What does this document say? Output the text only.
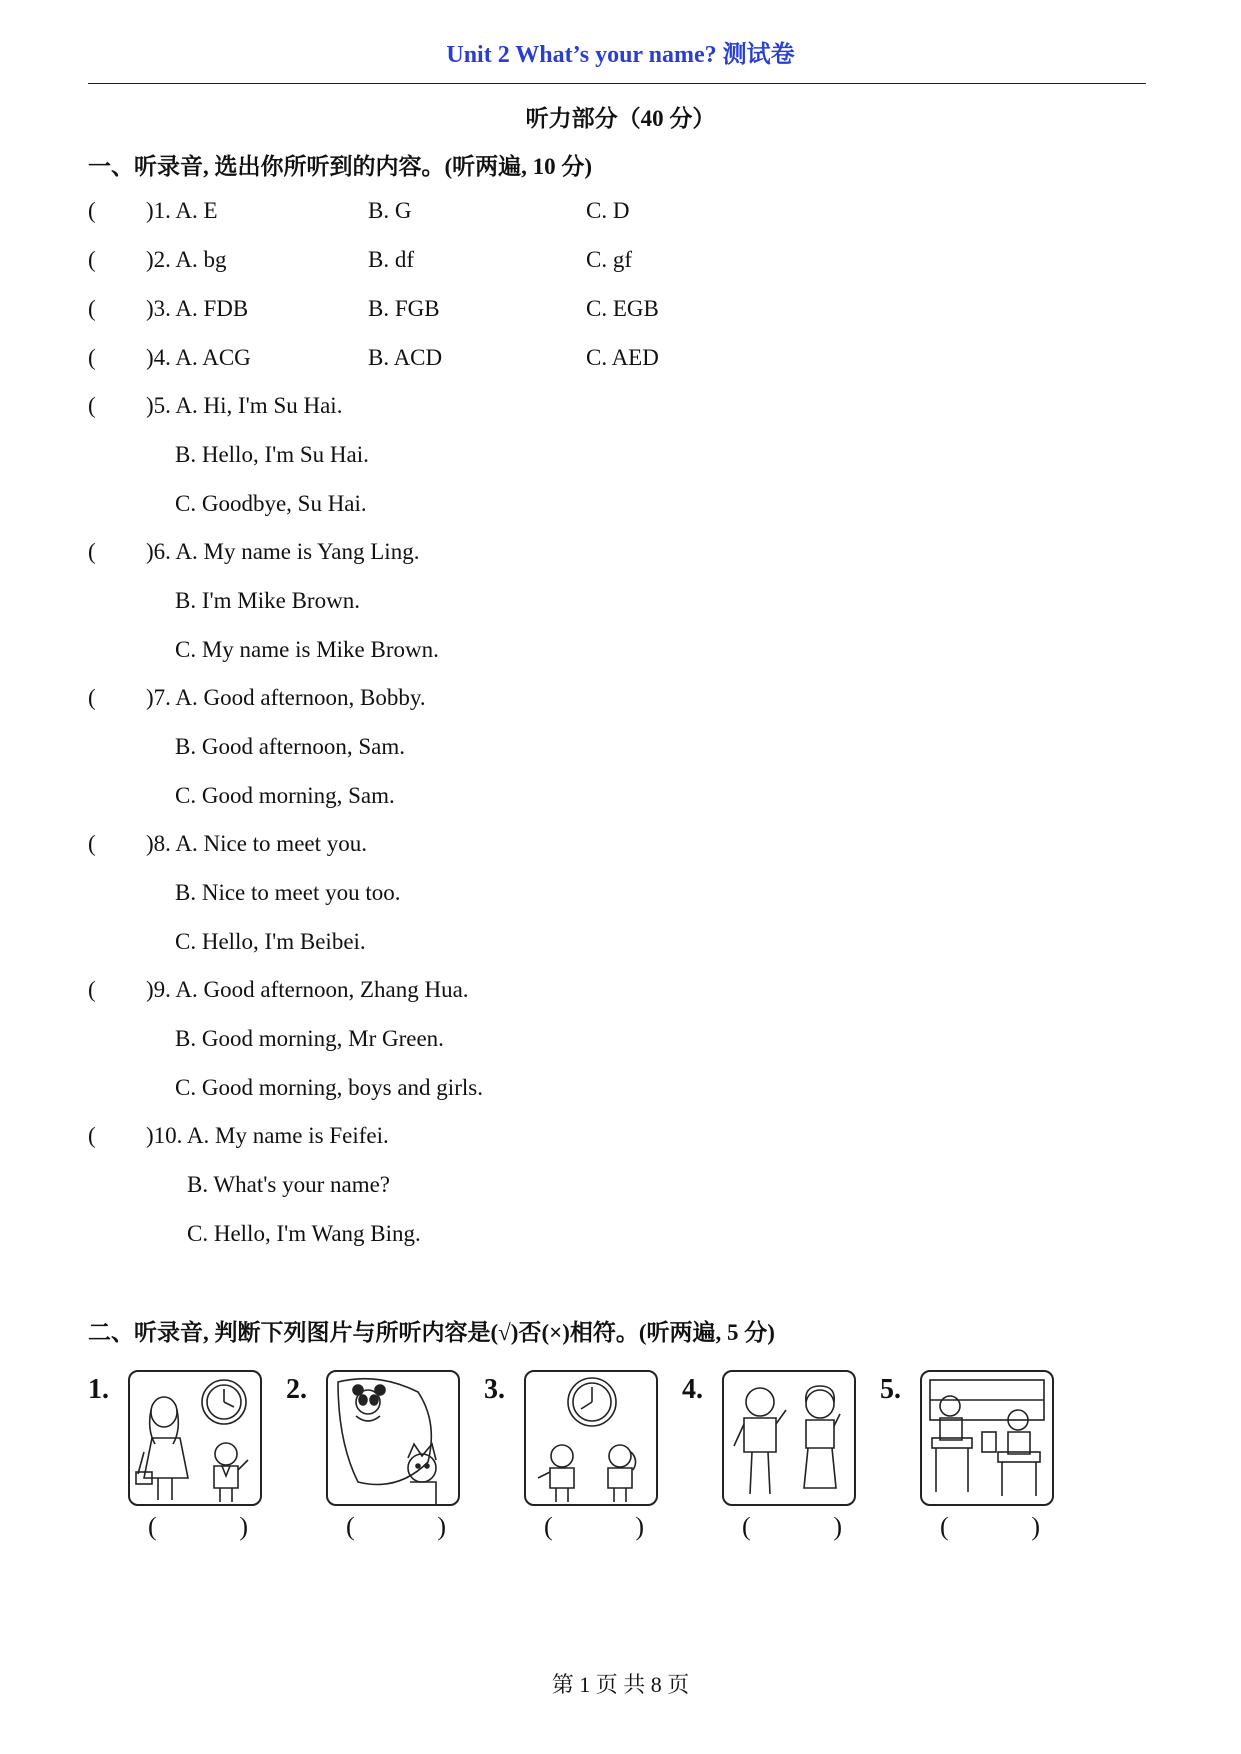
Unit 2 What’s your name? 测试卷
听力部分（40 分）
一、听录音, 选出你所听到的内容。(听两遍, 10 分)
( )1. A. E	B. G	C. D
( )2. A. bg	B. df	C. gf
( )3. A. FDB	B. FGB	C. EGB
( )4. A. ACG	B. ACD	C. AED
( )5. A. Hi, I'm Su Hai.
B. Hello, I'm Su Hai.
C. Goodbye, Su Hai.
( )6. A. My name is Yang Ling.
B. I'm Mike Brown.
C. My name is Mike Brown.
( )7. A. Good afternoon, Bobby.
B. Good afternoon, Sam.
C. Good morning, Sam.
( )8. A. Nice to meet you.
B. Nice to meet you too.
C. Hello, I'm Beibei.
( )9. A. Good afternoon, Zhang Hua.
B. Good morning, Mr Green.
C. Good morning, boys and girls.
( )10. A. My name is Feifei.
B. What's your name?
C. Hello, I'm Wang Bing.
二、听录音, 判断下列图片与所听内容是(√)否(×)相符。(听两遍, 5 分)
1.
(	)
2.
(	)
3.
(	)
4.
(	)
5.
(	)
第 1 页 共 8 页
